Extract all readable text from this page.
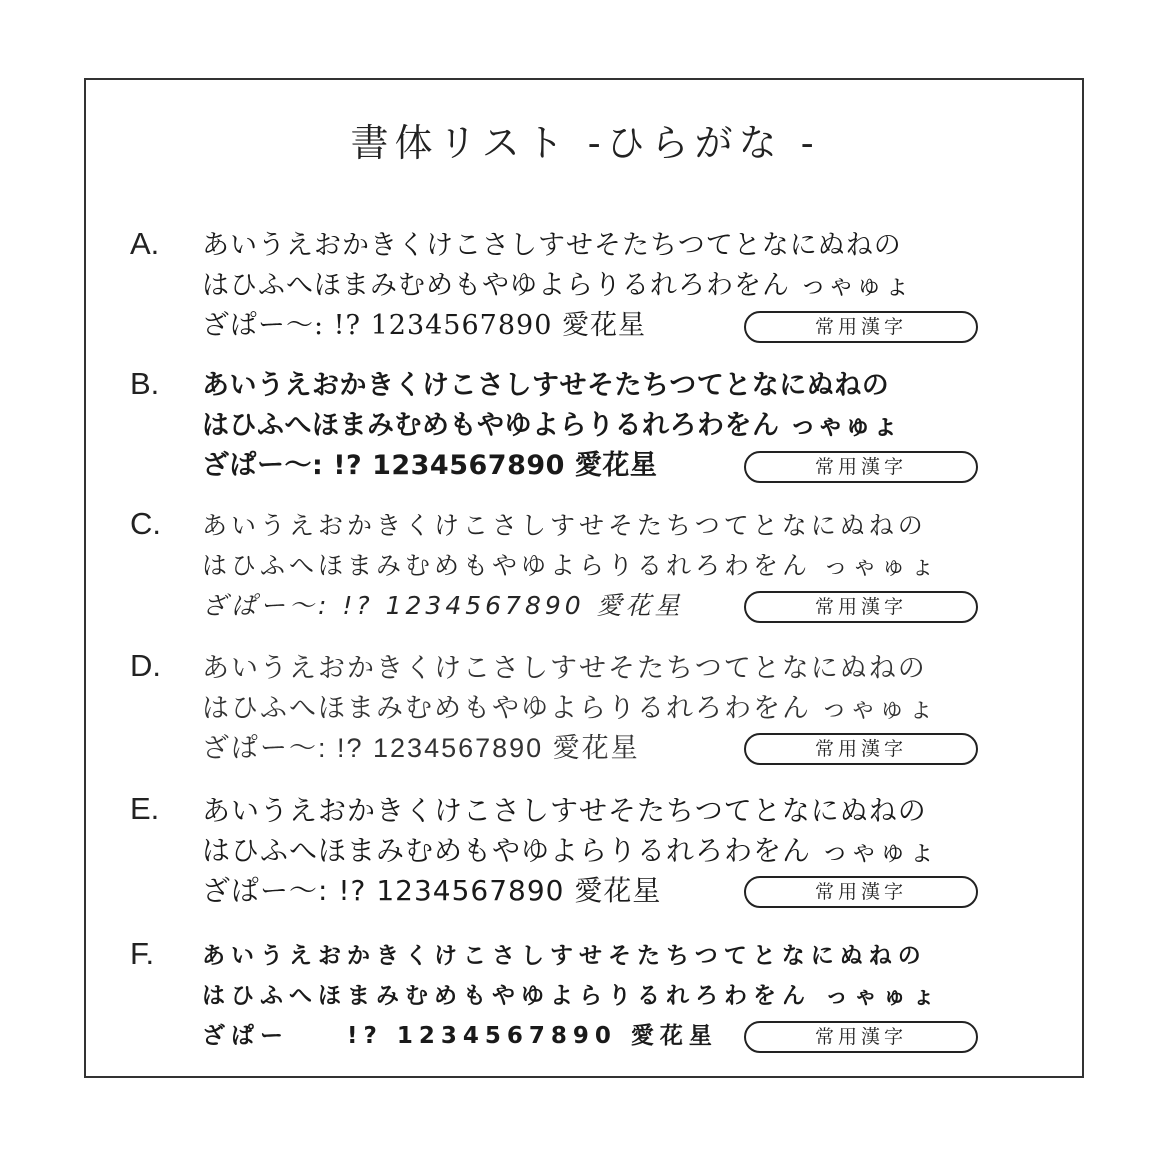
書体リスト -ひらがな -
A. あいうえおかきくけこさしすせそたちつてとなにぬねの
はひふへほまみむめもやゆよらりるれろわをん っゃゅょ
ざぱー〜: !? 1234567890 愛花星	常用漢字
B. あいうえおかきくけこさしすせそたちつてとなにぬねの
はひふへほまみむめもやゆよらりるれろわをん っゃゅょ
ざぱー〜: !? 1234567890 愛花星	常用漢字
C. あいうえおかきくけこさしすせそたちつてとなにぬねの
はひふへほまみむめもやゆよらりるれろわをん っゃゅょ
ざぱー〜: !? 1234567890 愛花星	常用漢字
D. あいうえおかきくけこさしすせそたちつてとなにぬねの
はひふへほまみむめもやゆよらりるれろわをん っゃゅょ
ざぱー〜: !? 1234567890 愛花星	常用漢字
E. あいうえおかきくけこさしすせそたちつてとなにぬねの
はひふへほまみむめもやゆよらりるれろわをん っゃゅょ
ざぱー〜: !? 1234567890 愛花星	常用漢字
F. あいうえおかきくけこさしすせそたちつてとなにぬねの
はひふへほまみむめもやゆよらりるれろわをん っゃゅょ
ざぱー　　!? 1234567890 愛花星	常用漢字
